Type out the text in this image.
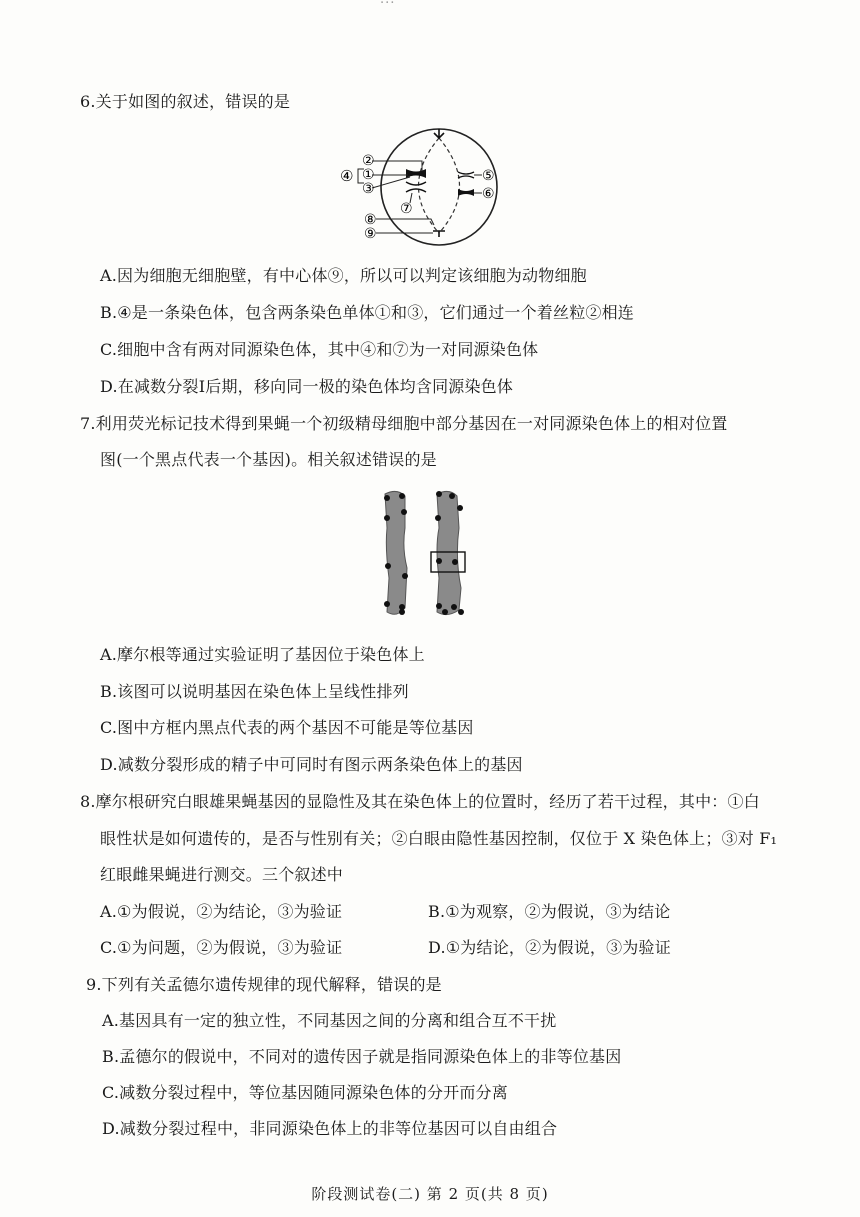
6.关于如图的叙述，错误的是
④
②
①
③
⑤
⑥
⑦
⑧
⑨
A.因为细胞无细胞壁，有中心体⑨，所以可以判定该细胞为动物细胞
B.④是一条染色体，包含两条染色单体①和③，它们通过一个着丝粒②相连
C.细胞中含有两对同源染色体，其中④和⑦为一对同源染色体
D.在减数分裂Ⅰ后期，移向同一极的染色体均含同源染色体
7.利用荧光标记技术得到果蝇一个初级精母细胞中部分基因在一对同源染色体上的相对位置
图(一个黑点代表一个基因)。相关叙述错误的是
A.摩尔根等通过实验证明了基因位于染色体上
B.该图可以说明基因在染色体上呈线性排列
C.图中方框内黑点代表的两个基因不可能是等位基因
D.减数分裂形成的精子中可同时有图示两条染色体上的基因
8.摩尔根研究白眼雄果蝇基因的显隐性及其在染色体上的位置时，经历了若干过程，其中：①白
眼性状是如何遗传的，是否与性别有关；②白眼由隐性基因控制，仅位于 X 染色体上；③对 F₁
红眼雌果蝇进行测交。三个叙述中
A.①为假说，②为结论，③为验证	B.①为观察，②为假说，③为结论
C.①为问题，②为假说，③为验证	D.①为结论，②为假说，③为验证
9.下列有关孟德尔遗传规律的现代解释，错误的是
A.基因具有一定的独立性，不同基因之间的分离和组合互不干扰
B.孟德尔的假说中，不同对的遗传因子就是指同源染色体上的非等位基因
C.减数分裂过程中，等位基因随同源染色体的分开而分离
D.减数分裂过程中，非同源染色体上的非等位基因可以自由组合
阶段测试卷(二) 第 2 页(共 8 页)
